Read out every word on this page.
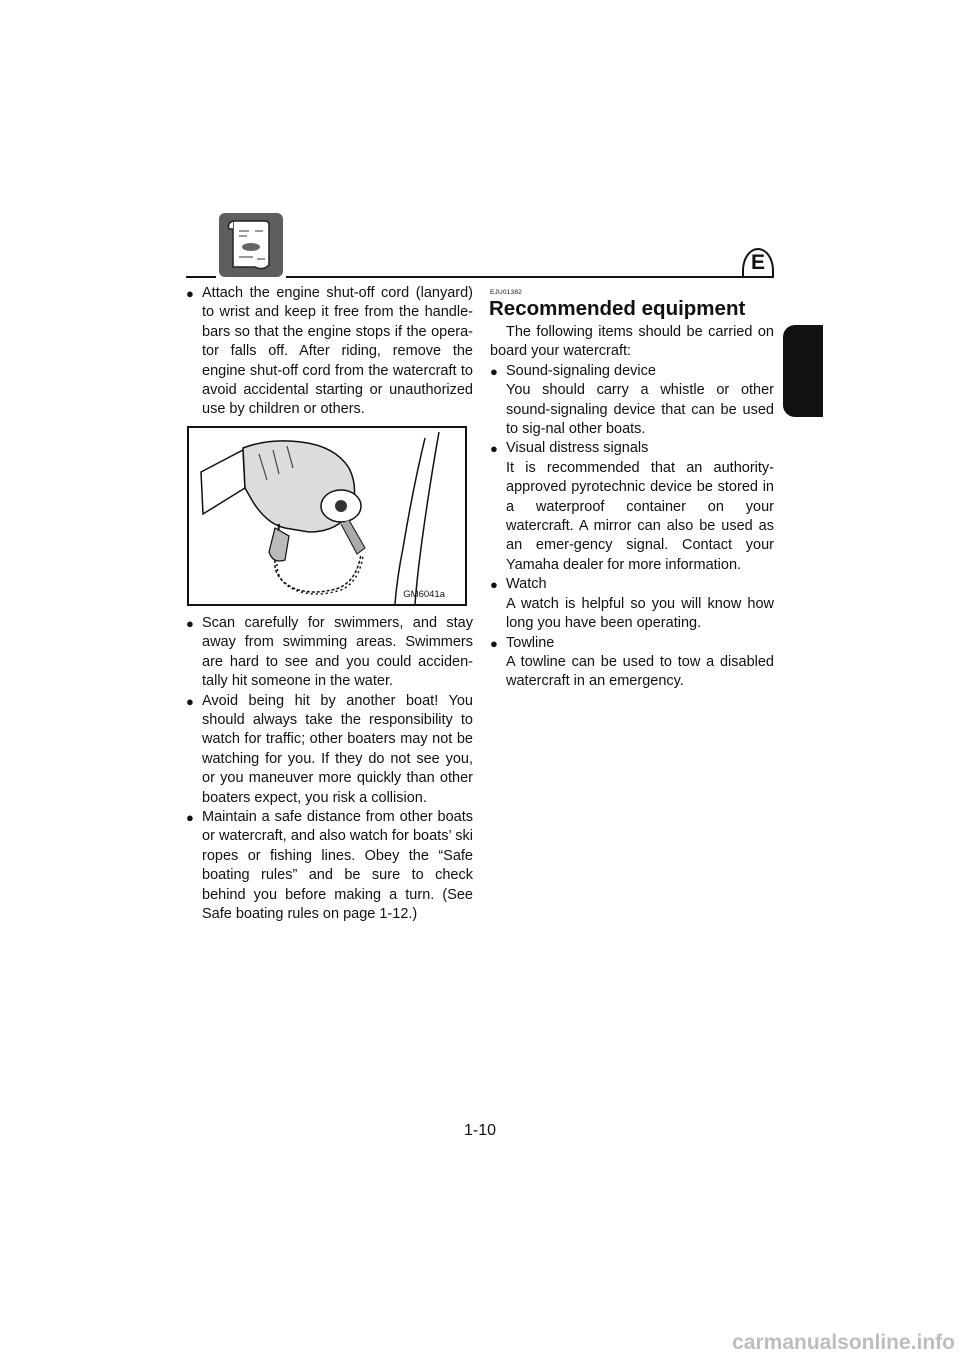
E
● Attach the engine shut-off cord (lanyard) to wrist and keep it free from the handle-bars so that the engine stops if the opera-tor falls off. After riding, remove the engine shut-off cord from the watercraft to avoid accidental starting or unauthorized use by children or others.
GM6041a
● Scan carefully for swimmers, and stay away from swimming areas. Swimmers are hard to see and you could acciden-tally hit someone in the water.
● Avoid being hit by another boat! You should always take the responsibility to watch for traffic; other boaters may not be watching for you. If they do not see you, or you maneuver more quickly than other boaters expect, you risk a collision.
● Maintain a safe distance from other boats or watercraft, and also watch for boats’ ski ropes or fishing lines. Obey the “Safe boating rules” and be sure to check behind you before making a turn. (See Safe boating rules on page 1-12.)
EJU01382
Recommended equipment
The following items should be carried on board your watercraft:
● Sound-signaling device
You should carry a whistle or other sound-signaling device that can be used to sig-nal other boats.
● Visual distress signals
It is recommended that an authority-approved pyrotechnic device be stored in a waterproof container on your watercraft. A mirror can also be used as an emer-gency signal. Contact your Yamaha dealer for more information.
● Watch
A watch is helpful so you will know how long you have been operating.
● Towline
A towline can be used to tow a disabled watercraft in an emergency.
1-10
carmanualsonline.info
